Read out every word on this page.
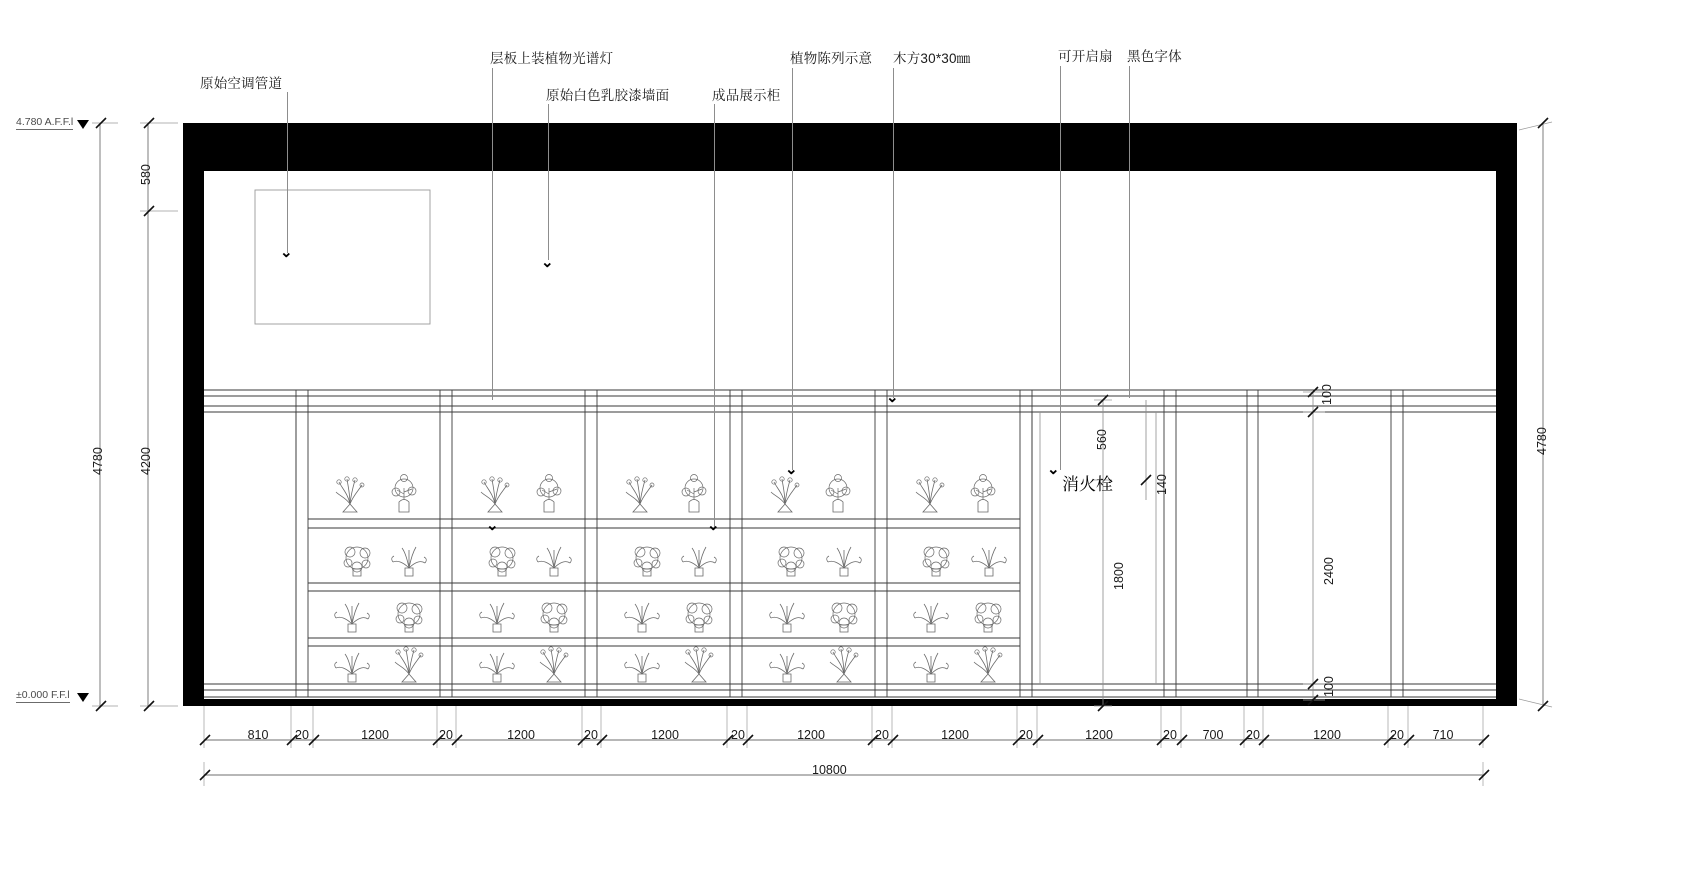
⌄
⌄
⌄
⌄
⌄
⌄
⌄
原始空调管道
层板上装植物光谱灯
原始白色乳胶漆墙面	成品展示柜
植物陈列示意 木方30*30㎜	可开启扇 黑色字体
消火栓
4.780 A.F.F.l
±0.000 F.F.l
580
4200
4780
4780
560
1800
140
100
2400
100
810 20	1200	20	1200	20	1200	20	1200	20	1200	20	1200	20 700 20	1200	20 710
10800
